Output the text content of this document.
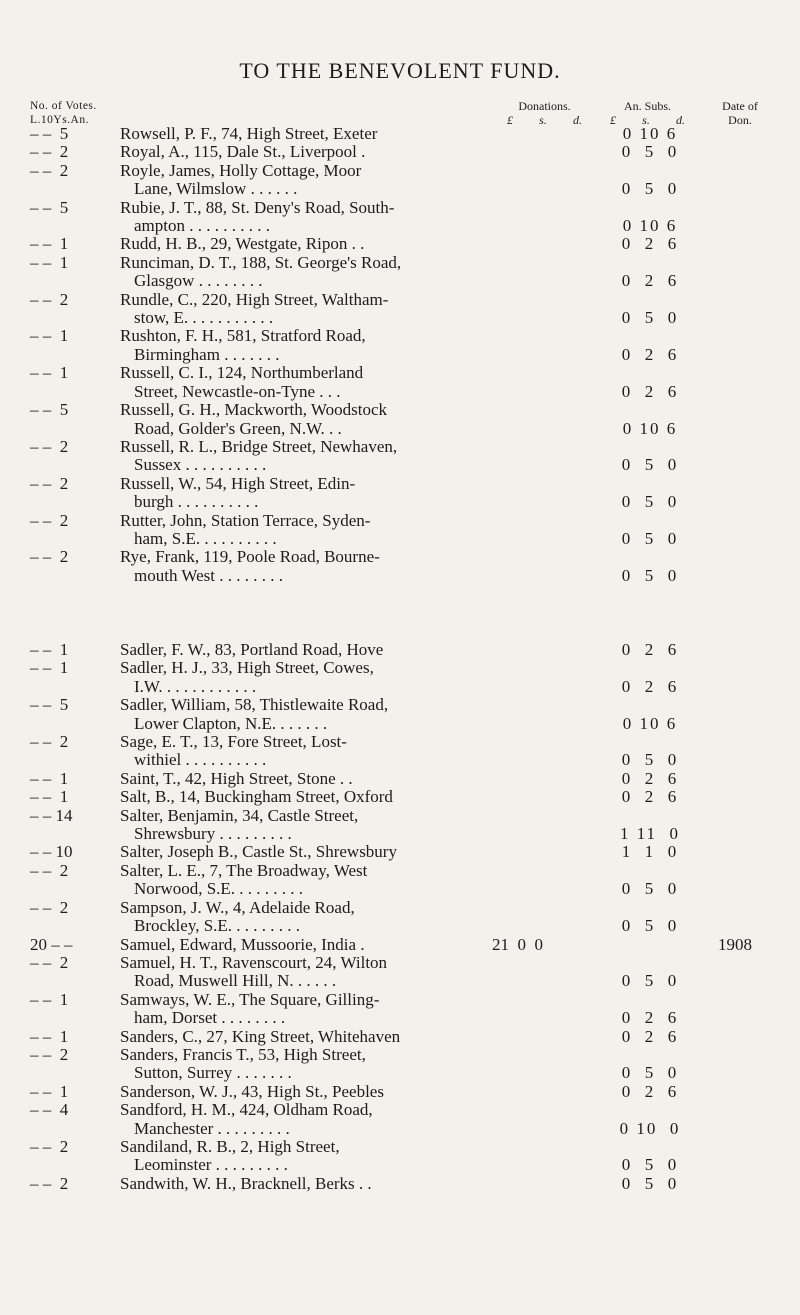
TO THE BENEVOLENT FUND.
No. of Votes.
L.10Ys.An.
Donations.
£ s. d.
An. Subs.
£ s. d.
Date of
Don.
– –  5	Rowsell, P. F., 74, High Street, Exeter	0 10 6
– –  2	Royal, A., 115, Dale St., Liverpool .	0  5  0
– –  2	Royle, James, Holly Cottage, Moor
Lane, Wilmslow . . . . . .	0  5  0
– –  5	Rubie, J. T., 88, St. Deny's Road, South-
ampton . . . . . . . . . .	0 10 6
– –  1	Rudd, H. B., 29, Westgate, Ripon . .	0  2  6
– –  1	Runciman, D. T., 188, St. George's Road,
Glasgow . . . . . . . .	0  2  6
– –  2	Rundle, C., 220, High Street, Waltham-
stow, E. . . . . . . . . . .	0  5  0
– –  1	Rushton, F. H., 581, Stratford Road,
Birmingham . . . . . . .	0  2  6
– –  1	Russell, C. I., 124, Northumberland
Street, Newcastle-on-Tyne . . .	0  2  6
– –  5	Russell, G. H., Mackworth, Woodstock
Road, Golder's Green, N.W. . .	0 10 6
– –  2	Russell, R. L., Bridge Street, Newhaven,
Sussex . . . . . . . . . .	0  5  0
– –  2	Russell, W., 54, High Street, Edin-
burgh . . . . . . . . . .	0  5  0
– –  2	Rutter, John, Station Terrace, Syden-
ham, S.E. . . . . . . . . .	0  5  0
– –  2	Rye, Frank, 119, Poole Road, Bourne-
mouth West . . . . . . . .	0  5  0
– –  1	Sadler, F. W., 83, Portland Road, Hove	0  2  6
– –  1	Sadler, H. J., 33, High Street, Cowes,
I.W. . . . . . . . . . . .	0  2  6
– –  5	Sadler, William, 58, Thistlewaite Road,
Lower Clapton, N.E. . . . . . .	0 10 6
– –  2	Sage, E. T., 13, Fore Street, Lost-
withiel . . . . . . . . . .	0  5  0
– –  1	Saint, T., 42, High Street, Stone . .	0  2  6
– –  1	Salt, B., 14, Buckingham Street, Oxford	0  2  6
– – 14	Salter, Benjamin, 34, Castle Street,
Shrewsbury . . . . . . . . .	1 11  0
– – 10	Salter, Joseph B., Castle St., Shrewsbury	1  1  0
– –  2	Salter, L. E., 7, The Broadway, West
Norwood, S.E. . . . . . . . .	0  5  0
– –  2	Sampson, J. W., 4, Adelaide Road,
Brockley, S.E. . . . . . . . .	0  5  0
20 – –	Samuel, Edward, Mussoorie, India .	21  0  0	1908
– –  2	Samuel, H. T., Ravenscourt, 24, Wilton
Road, Muswell Hill, N. . . . . .	0  5  0
– –  1	Samways, W. E., The Square, Gilling-
ham, Dorset . . . . . . . .	0  2  6
– –  1	Sanders, C., 27, King Street, Whitehaven	0  2  6
– –  2	Sanders, Francis T., 53, High Street,
Sutton, Surrey . . . . . . .	0  5  0
– –  1	Sanderson, W. J., 43, High St., Peebles	0  2  6
– –  4	Sandford, H. M., 424, Oldham Road,
Manchester . . . . . . . . .	0 10  0
– –  2	Sandiland, R. B., 2, High Street,
Leominster . . . . . . . . .	0  5  0
– –  2	Sandwith, W. H., Bracknell, Berks . .	0  5  0
